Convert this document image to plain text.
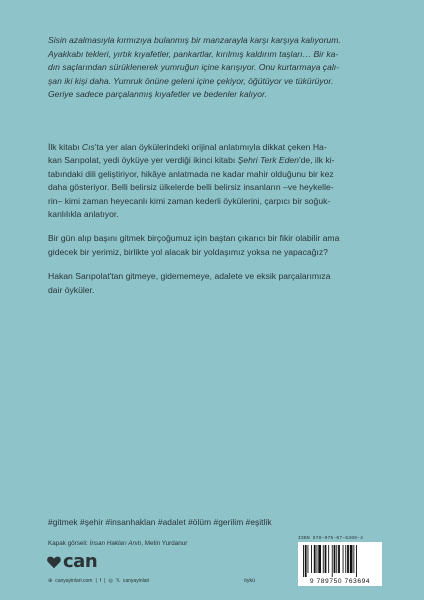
Sisin azalmasıyla kırmızıya bulanmış bir manzarayla karşı karşıya kalıyorum.

Ayakkabı tekleri, yırtık kıyafetler, pankartlar, kırılmış kaldırım taşları… Bir ka-

dın saçlarından sürüklenerek yumruğun içine karışıyor. Onu kurtarmaya çalı-

şan iki kişi daha. Yumruk önüne geleni içine çekiyor, öğütüyor ve tükürüyor.

Geriye sadece parçalanmış kıyafetler ve bedenler kalıyor.

İlk kitabı Cıs'ta yer alan öykülerindeki orijinal anlatımıyla dikkat çeken Ha-
kan Sarıpolat, yedi öyküye yer verdiği ikinci kitabı Şehri Terk Eden'de, ilk ki-
tabındaki dili geliştiriyor, hikâye anlatmada ne kadar mahir olduğunu bir kez
daha gösteriyor. Belli belirsiz ülkelerde belli belirsiz insanların –ve heykelle-
rin– kimi zaman heyecanlı kimi zaman kederli öykülerini, çarpıcı bir soğuk-
kanlılıkla anlatıyor.

Bir gün alıp başını gitmek birçoğumuz için baştan çıkarıcı bir fikir olabilir ama
gidecek bir yerimiz, birlikte yol alacak bir yoldaşımız yoksa ne yapacağız?

Hakan Sarıpolat'tan gitmeye, gidememeye, adalete ve eksik parçalarımıza
dair öyküler.

#gitmek #şehir #insanhaklan #adalet #ölüm #gerilim #eşitlik
Kapak görseli: İnsan Hakları Anıtı, Metin Yurdanur
can
⊕ canyayinlari.com | f | ◎ 𝕏 canyayinlari	öykü
ISBN 978-975-07-6369-4
9 789750 763694
